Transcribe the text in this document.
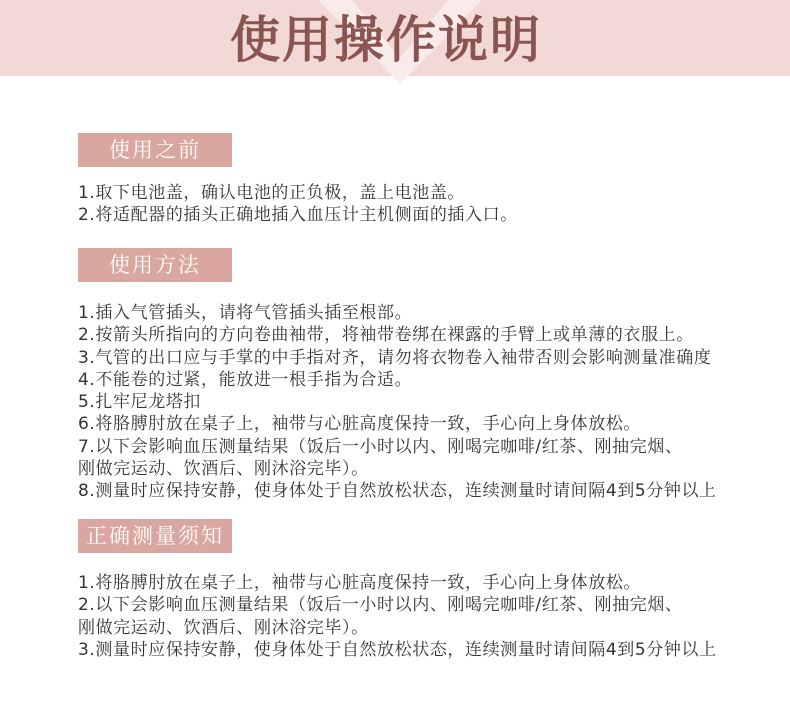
使用操作说明
使用之前
1.取下电池盖，确认电池的正负极，盖上电池盖。
2.将适配器的插头正确地插入血压计主机侧面的插入口。
使用方法
1.插入气管插头，请将气管插头插至根部。
2.按箭头所指向的方向卷曲袖带，将袖带卷绑在裸露的手臂上或单薄的衣服上。
3.气管的出口应与手掌的中手指对齐，请勿将衣物卷入袖带否则会影响测量准确度
4.不能卷的过紧，能放进一根手指为合适。
5.扎牢尼龙塔扣
6.将胳膊肘放在桌子上，袖带与心脏高度保持一致，手心向上身体放松。
7.以下会影响血压测量结果（饭后一小时以内、刚喝完咖啡/红茶、刚抽完烟、
刚做完运动、饮酒后、刚沐浴完毕）。
8.测量时应保持安静，使身体处于自然放松状态，连续测量时请间隔4到5分钟以上
正确测量须知
1.将胳膊肘放在桌子上，袖带与心脏高度保持一致，手心向上身体放松。
2.以下会影响血压测量结果（饭后一小时以内、刚喝完咖啡/红茶、刚抽完烟、
刚做完运动、饮酒后、刚沐浴完毕）。
3.测量时应保持安静，使身体处于自然放松状态，连续测量时请间隔4到5分钟以上
